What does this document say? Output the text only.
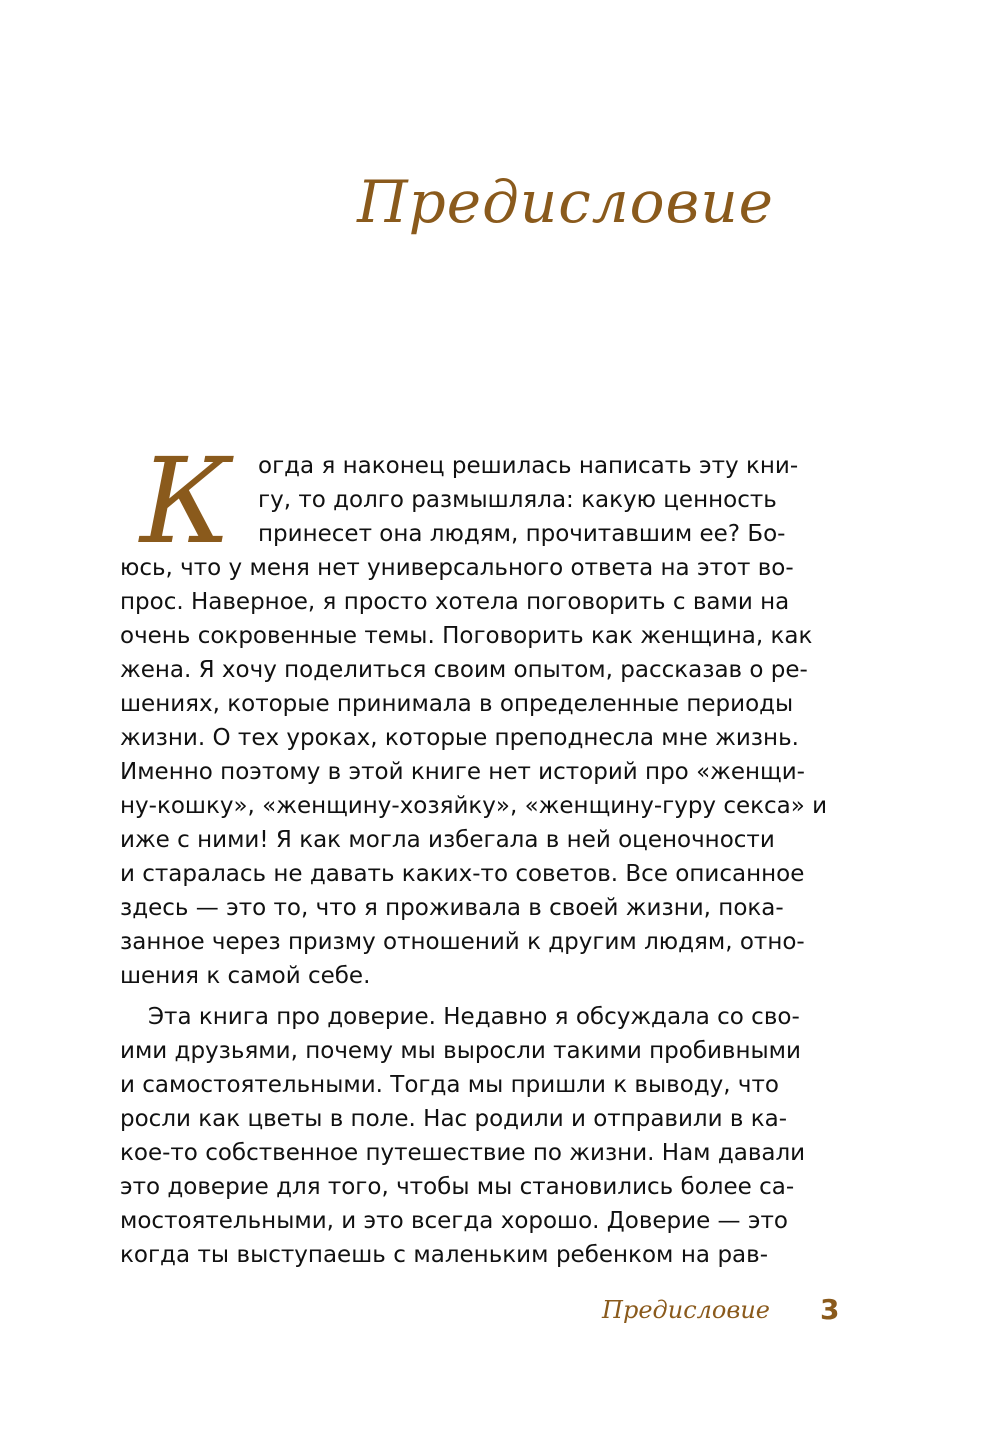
Предисловие
К	огда я наконец решилась написать эту кни-

гу, то долго размышляла: какую ценность

принесет она людям, прочитавшим ее? Бо-

юсь, что у меня нет универсального ответа на этот во-

прос. Наверное, я просто хотела поговорить с вами на

очень сокровенные темы. Поговорить как женщина, как

жена. Я хочу поделиться своим опытом, рассказав о ре-

шениях, которые принимала в определенные периоды

жизни. О тех уроках, которые преподнесла мне жизнь.

Именно поэтому в этой книге нет историй про «женщи-

ну-кошку», «женщину-хозяйку», «женщину-гуру секса» и

иже с ними! Я как могла избегала в ней оценочности

и старалась не давать каких-то советов. Все описанное

здесь — это то, что я проживала в своей жизни, пока-

занное через призму отношений к другим людям, отно-

шения к самой себе.

Эта книга про доверие. Недавно я обсуждала со сво-

ими друзьями, почему мы выросли такими пробивными

и самостоятельными. Тогда мы пришли к выводу, что

росли как цветы в поле. Нас родили и отправили в ка-

кое-то собственное путешествие по жизни. Нам давали

это доверие для того, чтобы мы становились более са-

мостоятельными, и это всегда хорошо. Доверие — это

когда ты выступаешь с маленьким ребенком на рав-

Предисловие 3
